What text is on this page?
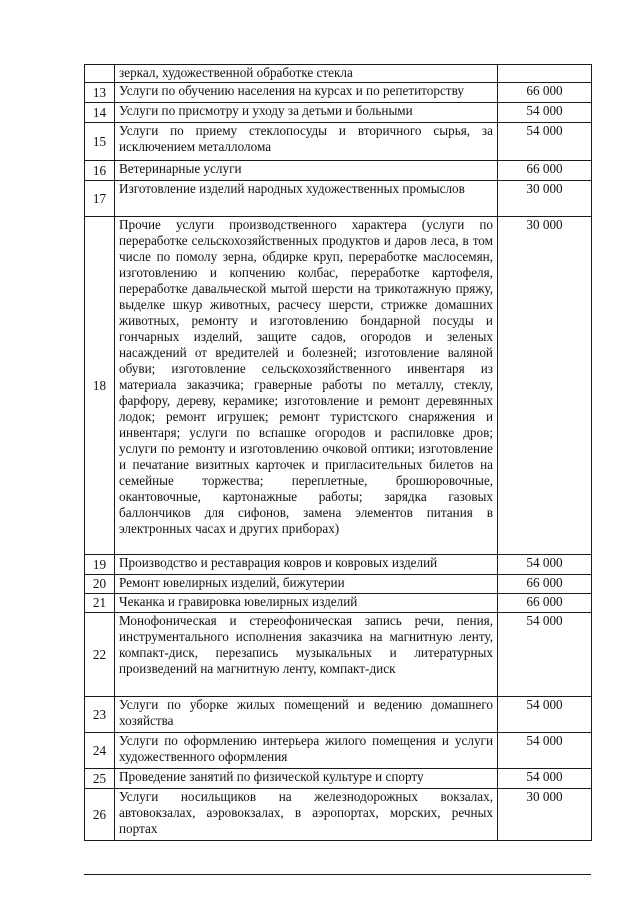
	зеркал, художественной обработке стекла	
13	Услуги по обучению населения на курсах и по репетиторству	66 000
14	Услуги по присмотру и уходу за детьми и больными	54 000
15	Услуги по приему стеклопосуды и вторичного сырья, за исключением металлолома	54 000
16	Ветеринарные услуги	66 000
17	Изготовление изделий народных художественных промыслов	30 000
18	Прочие услуги производственного характера (услуги по переработке сельскохозяйственных продуктов и даров леса, в том числе по помолу зерна, обдирке круп, переработке маслосемян, изготовлению и копчению колбас, переработке картофеля, переработке давальческой мытой шерсти на трикотажную пряжу, выделке шкур животных, расчесу шерсти, стрижке домашних животных, ремонту и изготовлению бондарной посуды и гончарных изделий, защите садов, огородов и зеленых насаждений от вредителей и болезней; изготовление валяной обуви; изготовление сельскохозяйственного инвентаря из материала заказчика; граверные работы по металлу, стеклу, фарфору, дереву, керамике; изготовление и ремонт деревянных лодок; ремонт игрушек; ремонт туристского снаряжения и инвентаря; услуги по вспашке огородов и распиловке дров; услуги по ремонту и изготовлению очковой оптики; изготовление и печатание визитных карточек и пригласительных билетов на семейные торжества; переплетные, брошюровочные, окантовочные, картонажные работы; зарядка газовых баллончиков для сифонов, замена элементов питания в электронных часах и других приборах)	30 000
19	Производство и реставрация ковров и ковровых изделий	54 000
20	Ремонт ювелирных изделий, бижутерии	66 000
21	Чеканка и гравировка ювелирных изделий	66 000
22	Монофоническая и стереофоническая запись речи, пения, инструментального исполнения заказчика на магнитную ленту, компакт-диск, перезапись музыкальных и литературных произведений на магнитную ленту, компакт-диск	54 000
23	Услуги по уборке жилых помещений и ведению домашнего хозяйства	54 000
24	Услуги по оформлению интерьера жилого помещения и услуги художественного оформления	54 000
25	Проведение занятий по физической культуре и спорту	54 000
26	Услуги носильщиков на железнодорожных вокзалах, автовокзалах, аэровокзалах, в аэропортах, морских, речных портах	30 000
